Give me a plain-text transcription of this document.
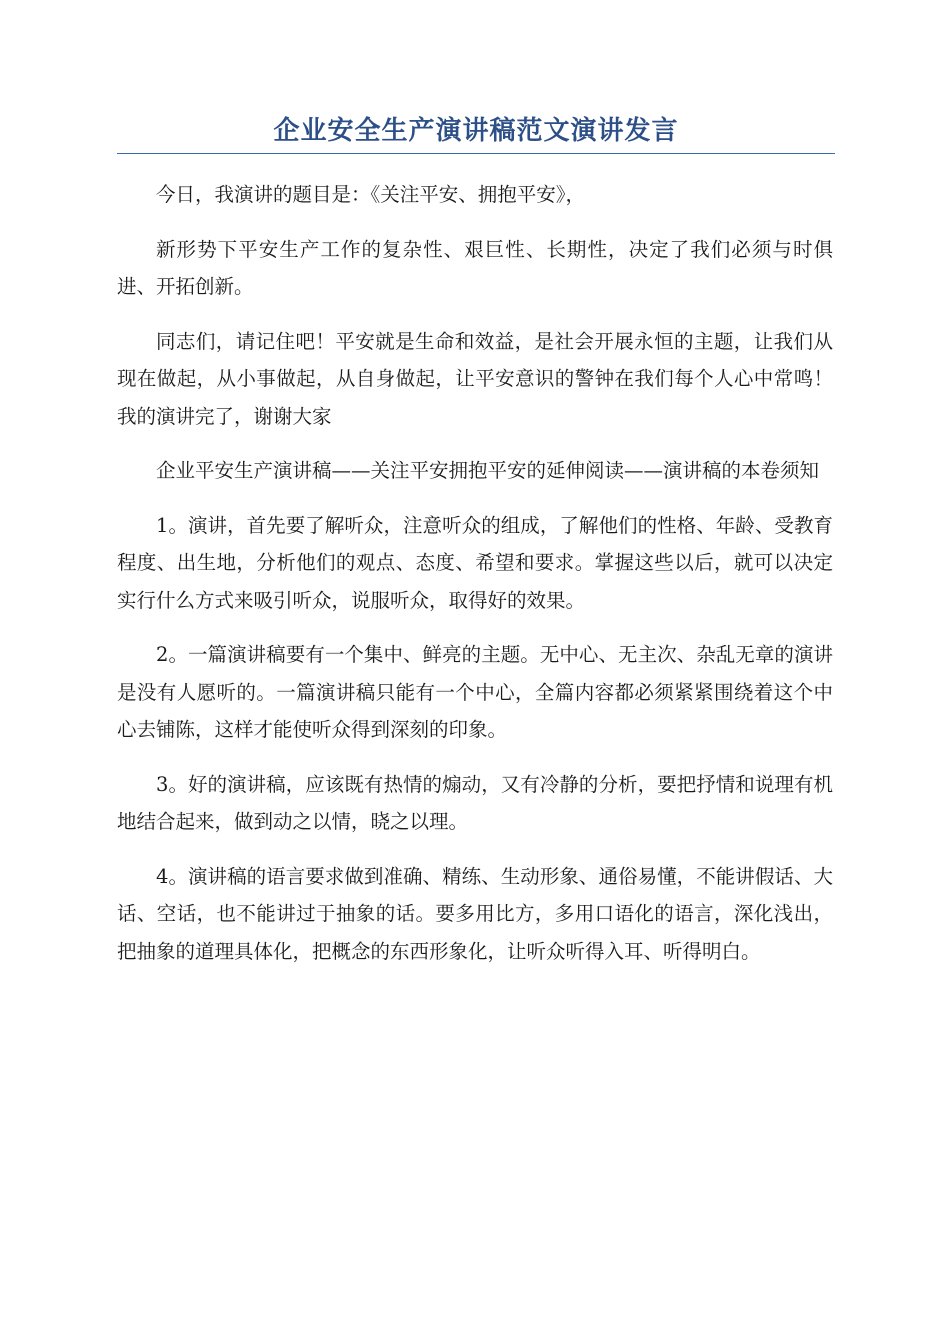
企业安全生产演讲稿范文演讲发言

今日，我演讲的题目是：《关注平安、拥抱平安》，

新形势下平安生产工作的复杂性、艰巨性、长期性，决定了我们必须与时俱进、开拓创新。

同志们，请记住吧！平安就是生命和效益，是社会开展永恒的主题，让我们从现在做起，从小事做起，从自身做起，让平安意识的警钟在我们每个人心中常鸣！我的演讲完了，谢谢大家

企业平安生产演讲稿——关注平安拥抱平安的延伸阅读——演讲稿的本卷须知

1。演讲，首先要了解听众，注意听众的组成，了解他们的性格、年龄、受教育程度、出生地，分析他们的观点、态度、希望和要求。掌握这些以后，就可以决定实行什么方式来吸引听众，说服听众，取得好的效果。

2。一篇演讲稿要有一个集中、鲜亮的主题。无中心、无主次、杂乱无章的演讲是没有人愿听的。一篇演讲稿只能有一个中心，全篇内容都必须紧紧围绕着这个中心去铺陈，这样才能使听众得到深刻的印象。

3。好的演讲稿，应该既有热情的煽动，又有冷静的分析，要把抒情和说理有机地结合起来，做到动之以情，晓之以理。

4。演讲稿的语言要求做到准确、精练、生动形象、通俗易懂，不能讲假话、大话、空话，也不能讲过于抽象的话。要多用比方，多用口语化的语言，深化浅出，把抽象的道理具体化，把概念的东西形象化，让听众听得入耳、听得明白。
